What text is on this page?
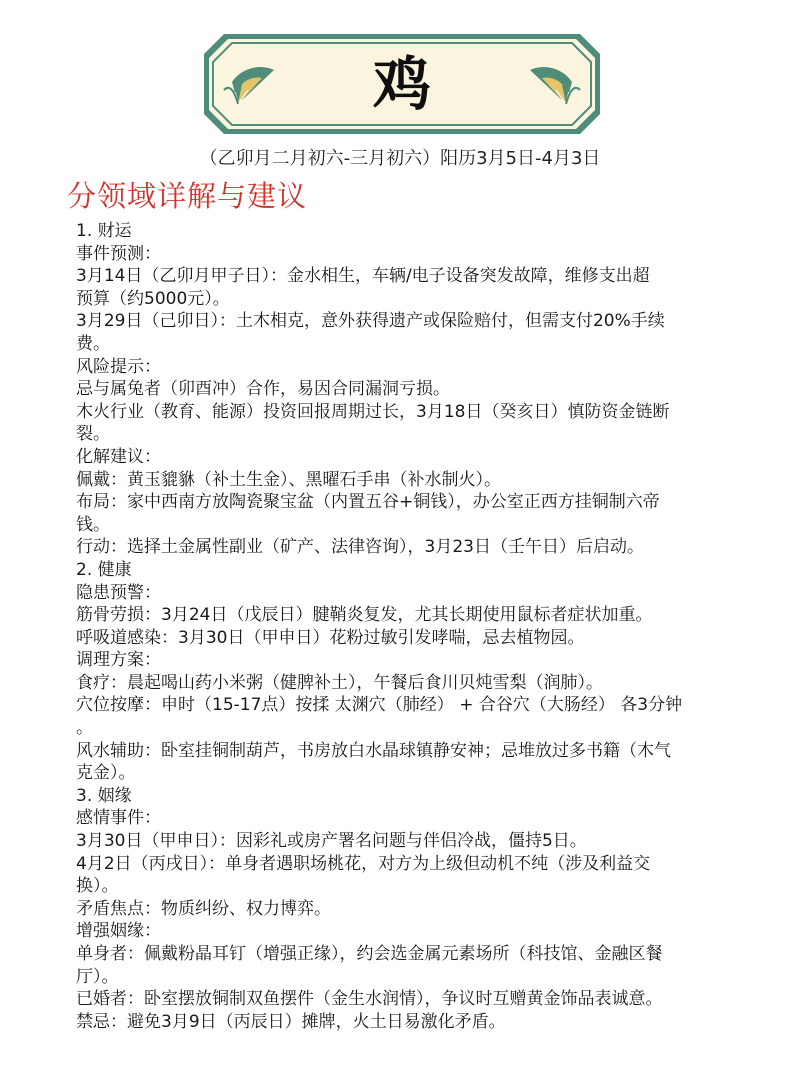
鸡
（乙卯月二月初六-三月初六）阳历3月5日-4月3日
分领域详解与建议
1. 财运
事件预测：
3月14日（乙卯月甲子日）：金水相生，车辆/电子设备突发故障，维修支出超
预算（约5000元）。
3月29日（己卯日）：土木相克，意外获得遗产或保险赔付，但需支付20%手续
费。
风险提示：
忌与属兔者（卯酉冲）合作，易因合同漏洞亏损。
木火行业（教育、能源）投资回报周期过长，3月18日（癸亥日）慎防资金链断
裂。
化解建议：
佩戴：黄玉貔貅（补土生金）、黑曜石手串（补水制火）。
布局：家中西南方放陶瓷聚宝盆（内置五谷+铜钱），办公室正西方挂铜制六帝
钱。
行动：选择土金属性副业（矿产、法律咨询），3月23日（壬午日）后启动。
2. 健康
隐患预警：
筋骨劳损：3月24日（戊辰日）腱鞘炎复发，尤其长期使用鼠标者症状加重。
呼吸道感染：3月30日（甲申日）花粉过敏引发哮喘，忌去植物园。
调理方案：
食疗：晨起喝山药小米粥（健脾补土），午餐后食川贝炖雪梨（润肺）。
穴位按摩：申时（15-17点）按揉 太渊穴（肺经） + 合谷穴（大肠经） 各3分钟
。
风水辅助：卧室挂铜制葫芦，书房放白水晶球镇静安神；忌堆放过多书籍（木气
克金）。
3. 姻缘
感情事件：
3月30日（甲申日）：因彩礼或房产署名问题与伴侣冷战，僵持5日。
4月2日（丙戌日）：单身者遇职场桃花，对方为上级但动机不纯（涉及利益交
换）。
矛盾焦点：物质纠纷、权力博弈。
增强姻缘：
单身者：佩戴粉晶耳钉（增强正缘），约会选金属元素场所（科技馆、金融区餐
厅）。
已婚者：卧室摆放铜制双鱼摆件（金生水润情），争议时互赠黄金饰品表诚意。
禁忌：避免3月9日（丙辰日）摊牌，火土日易激化矛盾。
